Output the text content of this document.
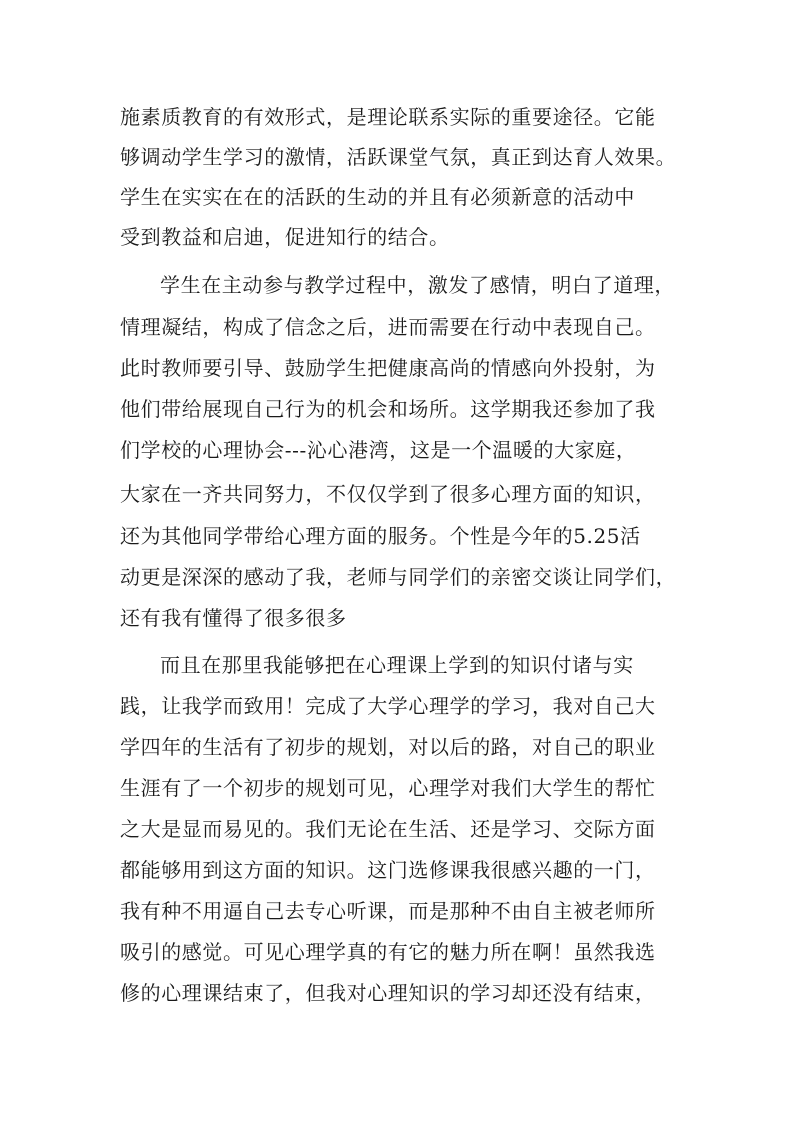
施素质教育的有效形式，是理论联系实际的重要途径。它能
够调动学生学习的激情，活跃课堂气氛，真正到达育人效果。
学生在实实在在的活跃的生动的并且有必须新意的活动中
受到教益和启迪，促进知行的结合。
学生在主动参与教学过程中，激发了感情，明白了道理，
情理凝结，构成了信念之后，进而需要在行动中表现自己。
此时教师要引导、鼓励学生把健康高尚的情感向外投射，为
他们带给展现自己行为的机会和场所。这学期我还参加了我
们学校的心理协会---沁心港湾，这是一个温暖的大家庭，
大家在一齐共同努力，不仅仅学到了很多心理方面的知识，
还为其他同学带给心理方面的服务。个性是今年的5.25活
动更是深深的感动了我，老师与同学们的亲密交谈让同学们，
还有我有懂得了很多很多
而且在那里我能够把在心理课上学到的知识付诸与实
践，让我学而致用！完成了大学心理学的学习，我对自己大
学四年的生活有了初步的规划，对以后的路，对自己的职业
生涯有了一个初步的规划可见，心理学对我们大学生的帮忙
之大是显而易见的。我们无论在生活、还是学习、交际方面
都能够用到这方面的知识。这门选修课我很感兴趣的一门，
我有种不用逼自己去专心听课，而是那种不由自主被老师所
吸引的感觉。可见心理学真的有它的魅力所在啊！虽然我选
修的心理课结束了，但我对心理知识的学习却还没有结束，
